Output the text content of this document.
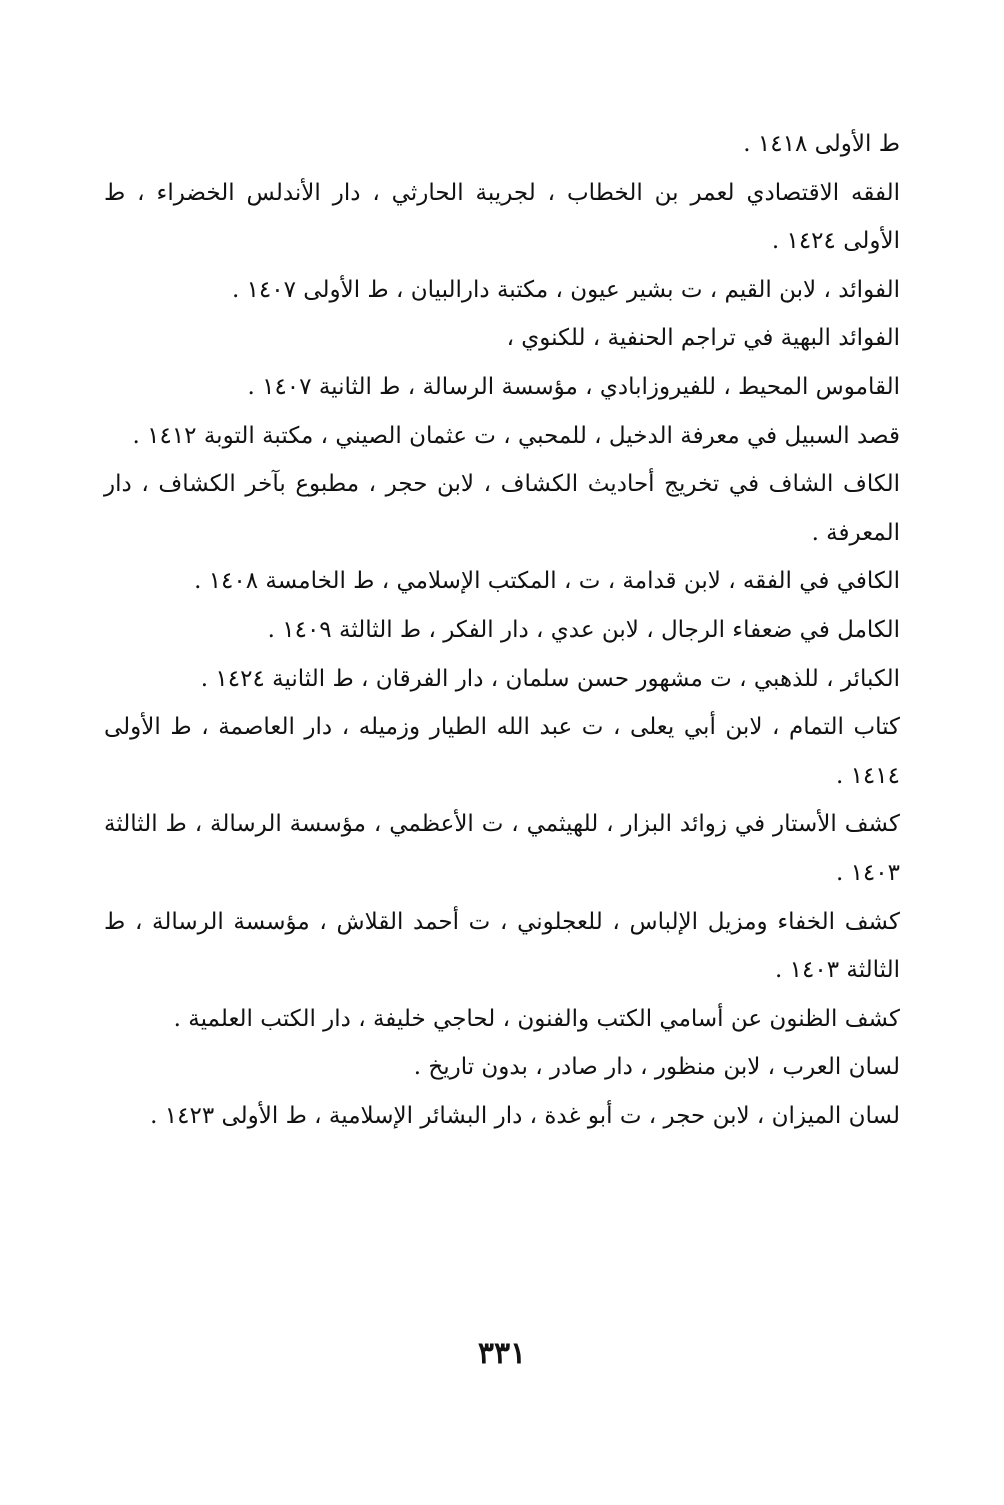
ط الأولى ١٤١٨ .

الفقه الاقتصادي لعمر بن الخطاب ، لجريبة الحارثي ، دار الأندلس الخضراء ، ط الأولى ١٤٢٤ .

الفوائد ، لابن القيم ، ت بشير عيون ، مكتبة دارالبيان ، ط الأولى ١٤٠٧ .

الفوائد البهية في تراجم الحنفية ، للكنوي ،

القاموس المحيط ، للفيروزابادي ، مؤسسة الرسالة ، ط الثانية ١٤٠٧ .

قصد السبيل في معرفة الدخيل ، للمحبي ، ت عثمان الصيني ، مكتبة التوبة ١٤١٢ .

الكاف الشاف في تخريج أحاديث الكشاف ، لابن حجر ، مطبوع بآخر الكشاف ، دار المعرفة .

الكافي في الفقه ، لابن قدامة ، ت ، المكتب الإسلامي ، ط الخامسة ١٤٠٨ .

الكامل في ضعفاء الرجال ، لابن عدي ، دار الفكر ، ط الثالثة ١٤٠٩ .

الكبائر ، للذهبي ، ت مشهور حسن سلمان ، دار الفرقان ، ط الثانية ١٤٢٤ .

كتاب التمام ، لابن أبي يعلى ، ت عبد الله الطيار وزميله ، دار العاصمة ، ط الأولى ١٤١٤ .

كشف الأستار في زوائد البزار ، للهيثمي ، ت الأعظمي ، مؤسسة الرسالة ، ط الثالثة ١٤٠٣ .

كشف الخفاء ومزيل الإلباس ، للعجلوني ، ت أحمد القلاش ، مؤسسة الرسالة ، ط الثالثة ١٤٠٣ .

كشف الظنون عن أسامي الكتب والفنون ، لحاجي خليفة ، دار الكتب العلمية .

لسان العرب ، لابن منظور ، دار صادر ، بدون تاريخ .

لسان الميزان ، لابن حجر ، ت أبو غدة ، دار البشائر الإسلامية ، ط الأولى ١٤٢٣ .

٣٣١
